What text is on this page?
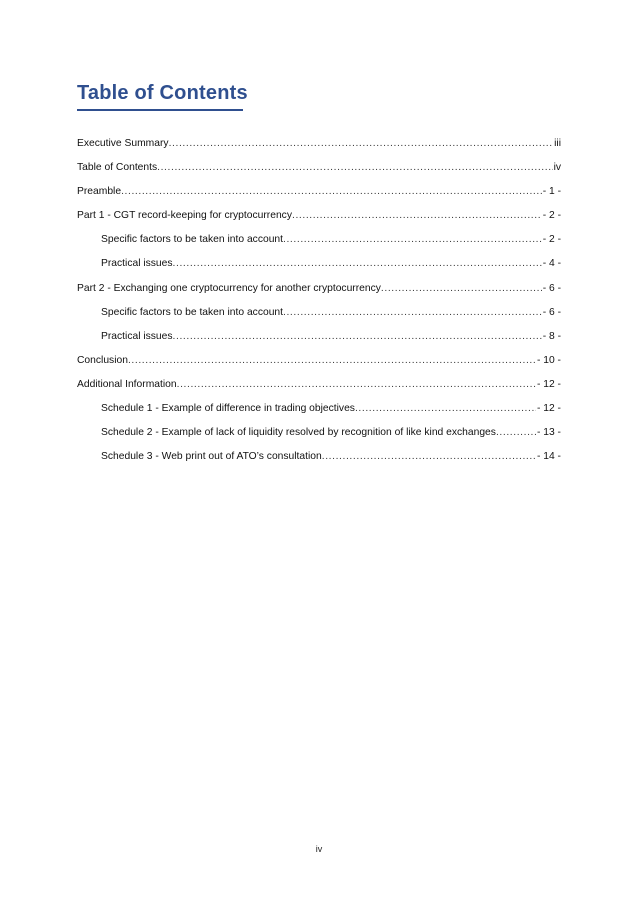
Table of Contents
Executive Summary .....	iii
Table of Contents .....	iv
Preamble .....	- 1 -
Part 1 - CGT record-keeping for cryptocurrency .....	- 2 -
Specific factors to be taken into account .....	- 2 -
Practical issues .....	- 4 -
Part 2 - Exchanging one cryptocurrency for another cryptocurrency .....	- 6 -
Specific factors to be taken into account .....	- 6 -
Practical issues .....	- 8 -
Conclusion .....	- 10 -
Additional Information .....	- 12 -
Schedule 1 - Example of difference in trading objectives .....	- 12 -
Schedule 2 - Example of lack of liquidity resolved by recognition of like kind exchanges .....	- 13 -
Schedule 3 - Web print out of ATO’s consultation .....	- 14 -
iv
